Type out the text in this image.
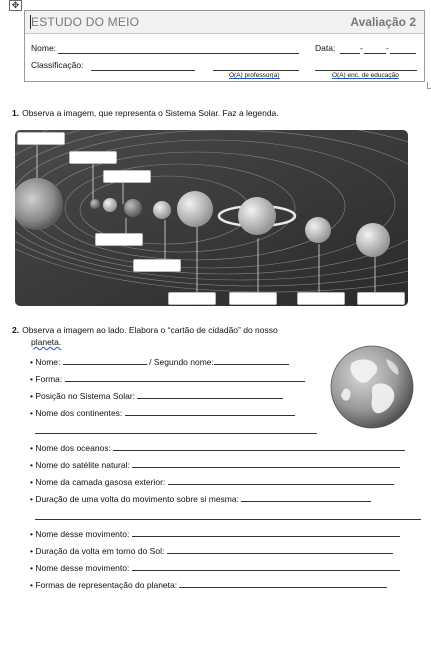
✥
ESTUDO DO MEIO	Avaliação 2
Nome:	Data:	-	-
Classificação:
O(A) professor(a)	O(A) enc. de educação
1. Observa a imagem, que representa o Sistema Solar. Faz a legenda.
2. Observa a imagem ao lado. Elabora o “cartão de cidadão” do nosso
planeta.
• Nome:	/ Segundo nome:
• Forma:
• Posição no Sistema Solar:
• Nome dos continentes:
• Nome dos oceanos:
• Nome do satélite natural:
• Nome da camada gasosa exterior:
• Duração de uma volta do movimento sobre si mesma:
• Nome desse movimento:
• Duração da volta em torno do Sol:
• Nome desse movimento:
• Formas de representação do planeta:
